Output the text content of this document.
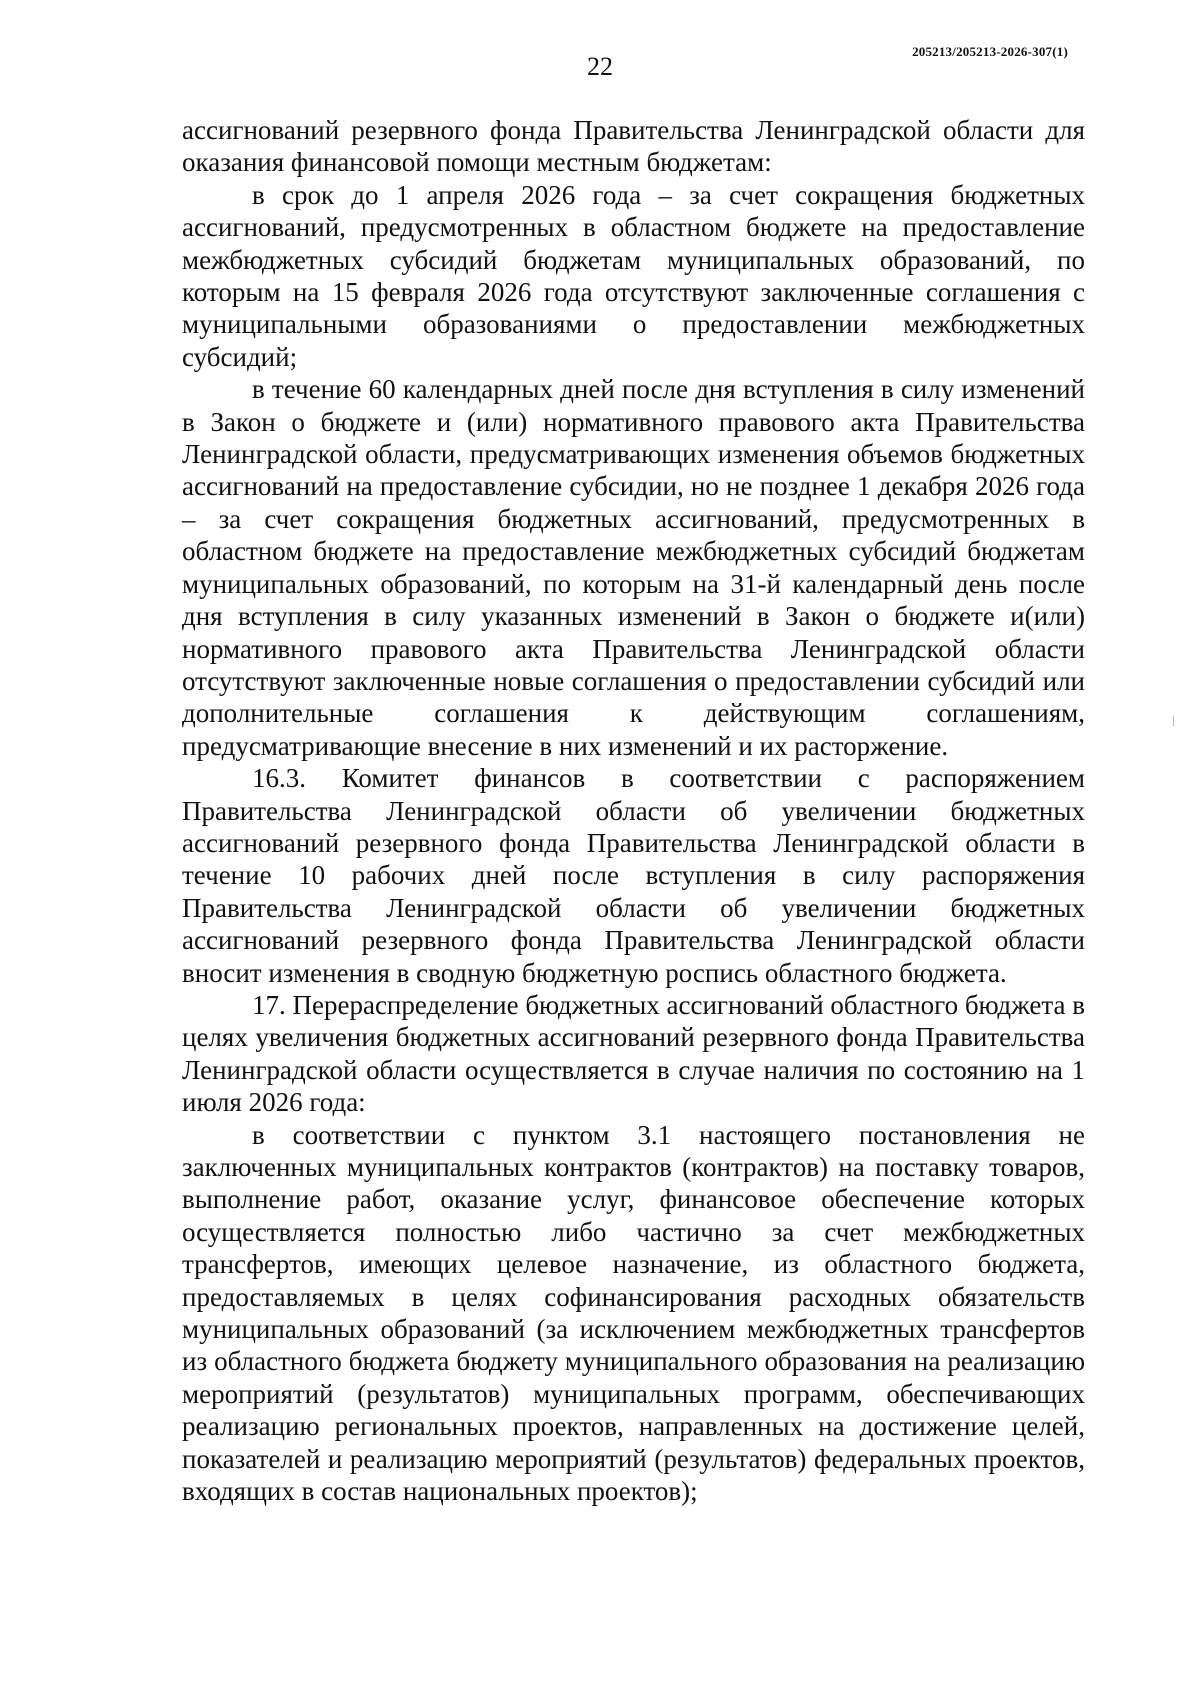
22
205213/205213-2026-307(1)

ассигнований резервного фонда Правительства Ленинградской области для оказания финансовой помощи местным бюджетам:

в срок до 1 апреля 2026 года – за счет сокращения бюджетных ассигнований, предусмотренных в областном бюджете на предоставление межбюджетных субсидий бюджетам муниципальных образований, по которым на 15 февраля 2026 года отсутствуют заключенные соглашения с муниципальными образованиями о предоставлении межбюджетных субсидий;

в течение 60 календарных дней после дня вступления в силу изменений в Закон о бюджете и (или) нормативного правового акта Правительства Ленинградской области, предусматривающих изменения объемов бюджетных ассигнований на предоставление субсидии, но не позднее 1 декабря 2026 года – за счет сокращения бюджетных ассигнований, предусмотренных в областном бюджете на предоставление межбюджетных субсидий бюджетам муниципальных образований, по которым на 31-й календарный день после дня вступления в силу указанных изменений в Закон о бюджете и(или) нормативного правового акта Правительства Ленинградской области отсутствуют заключенные новые соглашения о предоставлении субсидий или дополнительные соглашения к действующим соглашениям, предусматривающие внесение в них изменений и их расторжение.

16.3. Комитет финансов в соответствии с распоряжением Правительства Ленинградской области об увеличении бюджетных ассигнований резервного фонда Правительства Ленинградской области в течение 10 рабочих дней после вступления в силу распоряжения Правительства Ленинградской области об увеличении бюджетных ассигнований резервного фонда Правительства Ленинградской области вносит изменения в сводную бюджетную роспись областного бюджета.

17. Перераспределение бюджетных ассигнований областного бюджета в целях увеличения бюджетных ассигнований резервного фонда Правительства Ленинградской области осуществляется в случае наличия по состоянию на 1 июля 2026 года:

в соответствии с пунктом 3.1 настоящего постановления не заключенных муниципальных контрактов (контрактов) на поставку товаров, выполнение работ, оказание услуг, финансовое обеспечение которых осуществляется полностью либо частично за счет межбюджетных трансфертов, имеющих целевое назначение, из областного бюджета, предоставляемых в целях софинансирования расходных обязательств муниципальных образований (за исключением межбюджетных трансфертов из областного бюджета бюджету муниципального образования на реализацию мероприятий (результатов) муниципальных программ, обеспечивающих реализацию региональных проектов, направленных на достижение целей, показателей и реализацию мероприятий (результатов) федеральных проектов, входящих в состав национальных проектов);
